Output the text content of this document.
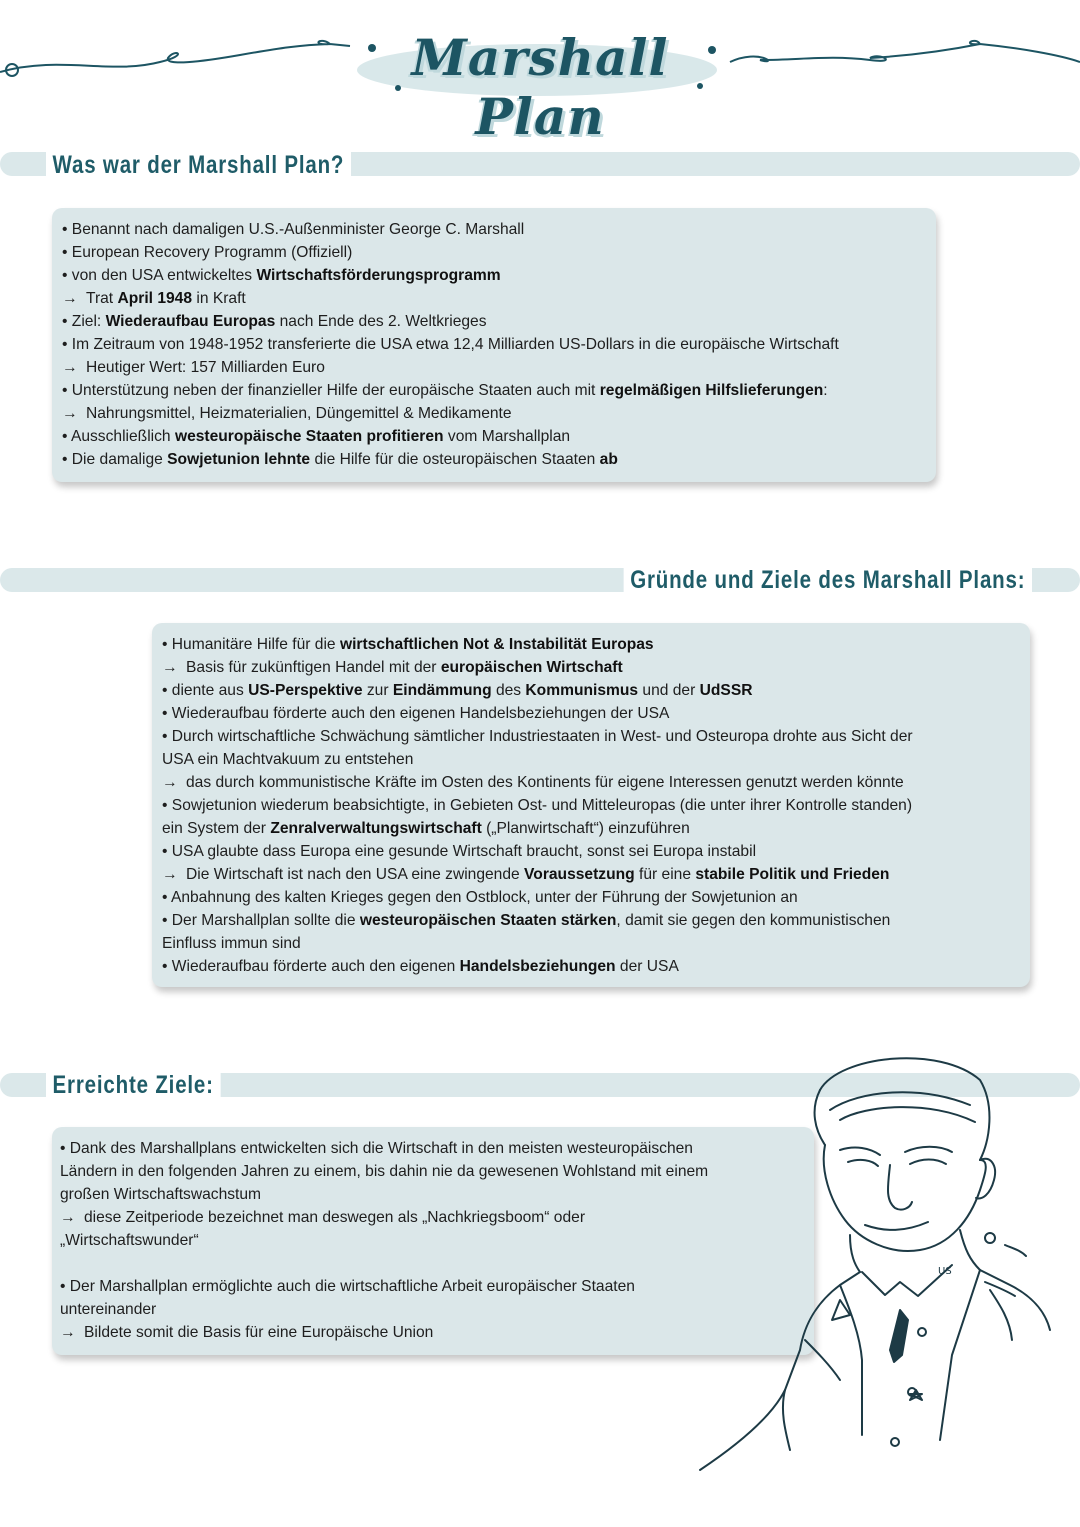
Marshall Plan
Was war der Marshall Plan?

• Benannt nach damaligen U.S.-Außenminister George C. Marshall

• European Recovery Programm (Offiziell)

• von den USA entwickeltes Wirtschaftsförderungsprogramm

→ Trat April 1948 in Kraft

• Ziel: Wiederaufbau Europas nach Ende des 2. Weltkrieges

• Im Zeitraum von 1948-1952 transferierte die USA etwa 12,4 Milliarden US-Dollars in die europäische Wirtschaft

→ Heutiger Wert: 157 Milliarden Euro

• Unterstützung neben der finanzieller Hilfe der europäische Staaten auch mit regelmäßigen Hilfslieferungen:

→ Nahrungsmittel, Heizmaterialien, Düngemittel & Medikamente

• Ausschließlich westeuropäische Staaten profitieren vom Marshallplan

• Die damalige Sowjetunion lehnte die Hilfe für die osteuropäischen Staaten ab

Gründe und Ziele des Marshall Plans:

• Humanitäre Hilfe für die wirtschaftlichen Not & Instabilität Europas

→ Basis für zukünftigen Handel mit der europäischen Wirtschaft

• diente aus US-Perspektive zur Eindämmung des Kommunismus und der UdSSR

• Wiederaufbau förderte auch den eigenen Handelsbeziehungen der USA

• Durch wirtschaftliche Schwächung sämtlicher Industriestaaten in West- und Osteuropa drohte aus Sicht der

USA ein Machtvakuum zu entstehen

→ das durch kommunistische Kräfte im Osten des Kontinents für eigene Interessen genutzt werden könnte

• Sowjetunion wiederum beabsichtigte, in Gebieten Ost- und Mitteleuropas (die unter ihrer Kontrolle standen)

ein System der Zenralverwaltungswirtschaft („Planwirtschaft“) einzuführen

• USA glaubte dass Europa eine gesunde Wirtschaft braucht, sonst sei Europa instabil

→ Die Wirtschaft ist nach den USA eine zwingende Voraussetzung für eine stabile Politik und Frieden

• Anbahnung des kalten Krieges gegen den Ostblock, unter der Führung der Sowjetunion an

• Der Marshallplan sollte die westeuropäischen Staaten stärken, damit sie gegen den kommunistischen

Einfluss immun sind

• Wiederaufbau förderte auch den eigenen Handelsbeziehungen der USA

Erreichte Ziele:

• Dank des Marshallplans entwickelten sich die Wirtschaft in den meisten westeuropäischen

Ländern in den folgenden Jahren zu einem, bis dahin nie da gewesenen Wohlstand mit einem

großen Wirtschaftswachstum

→ diese Zeitperiode bezeichnet man deswegen als „Nachkriegsboom“ oder

„Wirtschaftswunder“

• Der Marshallplan ermöglichte auch die wirtschaftliche Arbeit europäischer Staaten

untereinander

→ Bildete somit die Basis für eine Europäische Union

US
